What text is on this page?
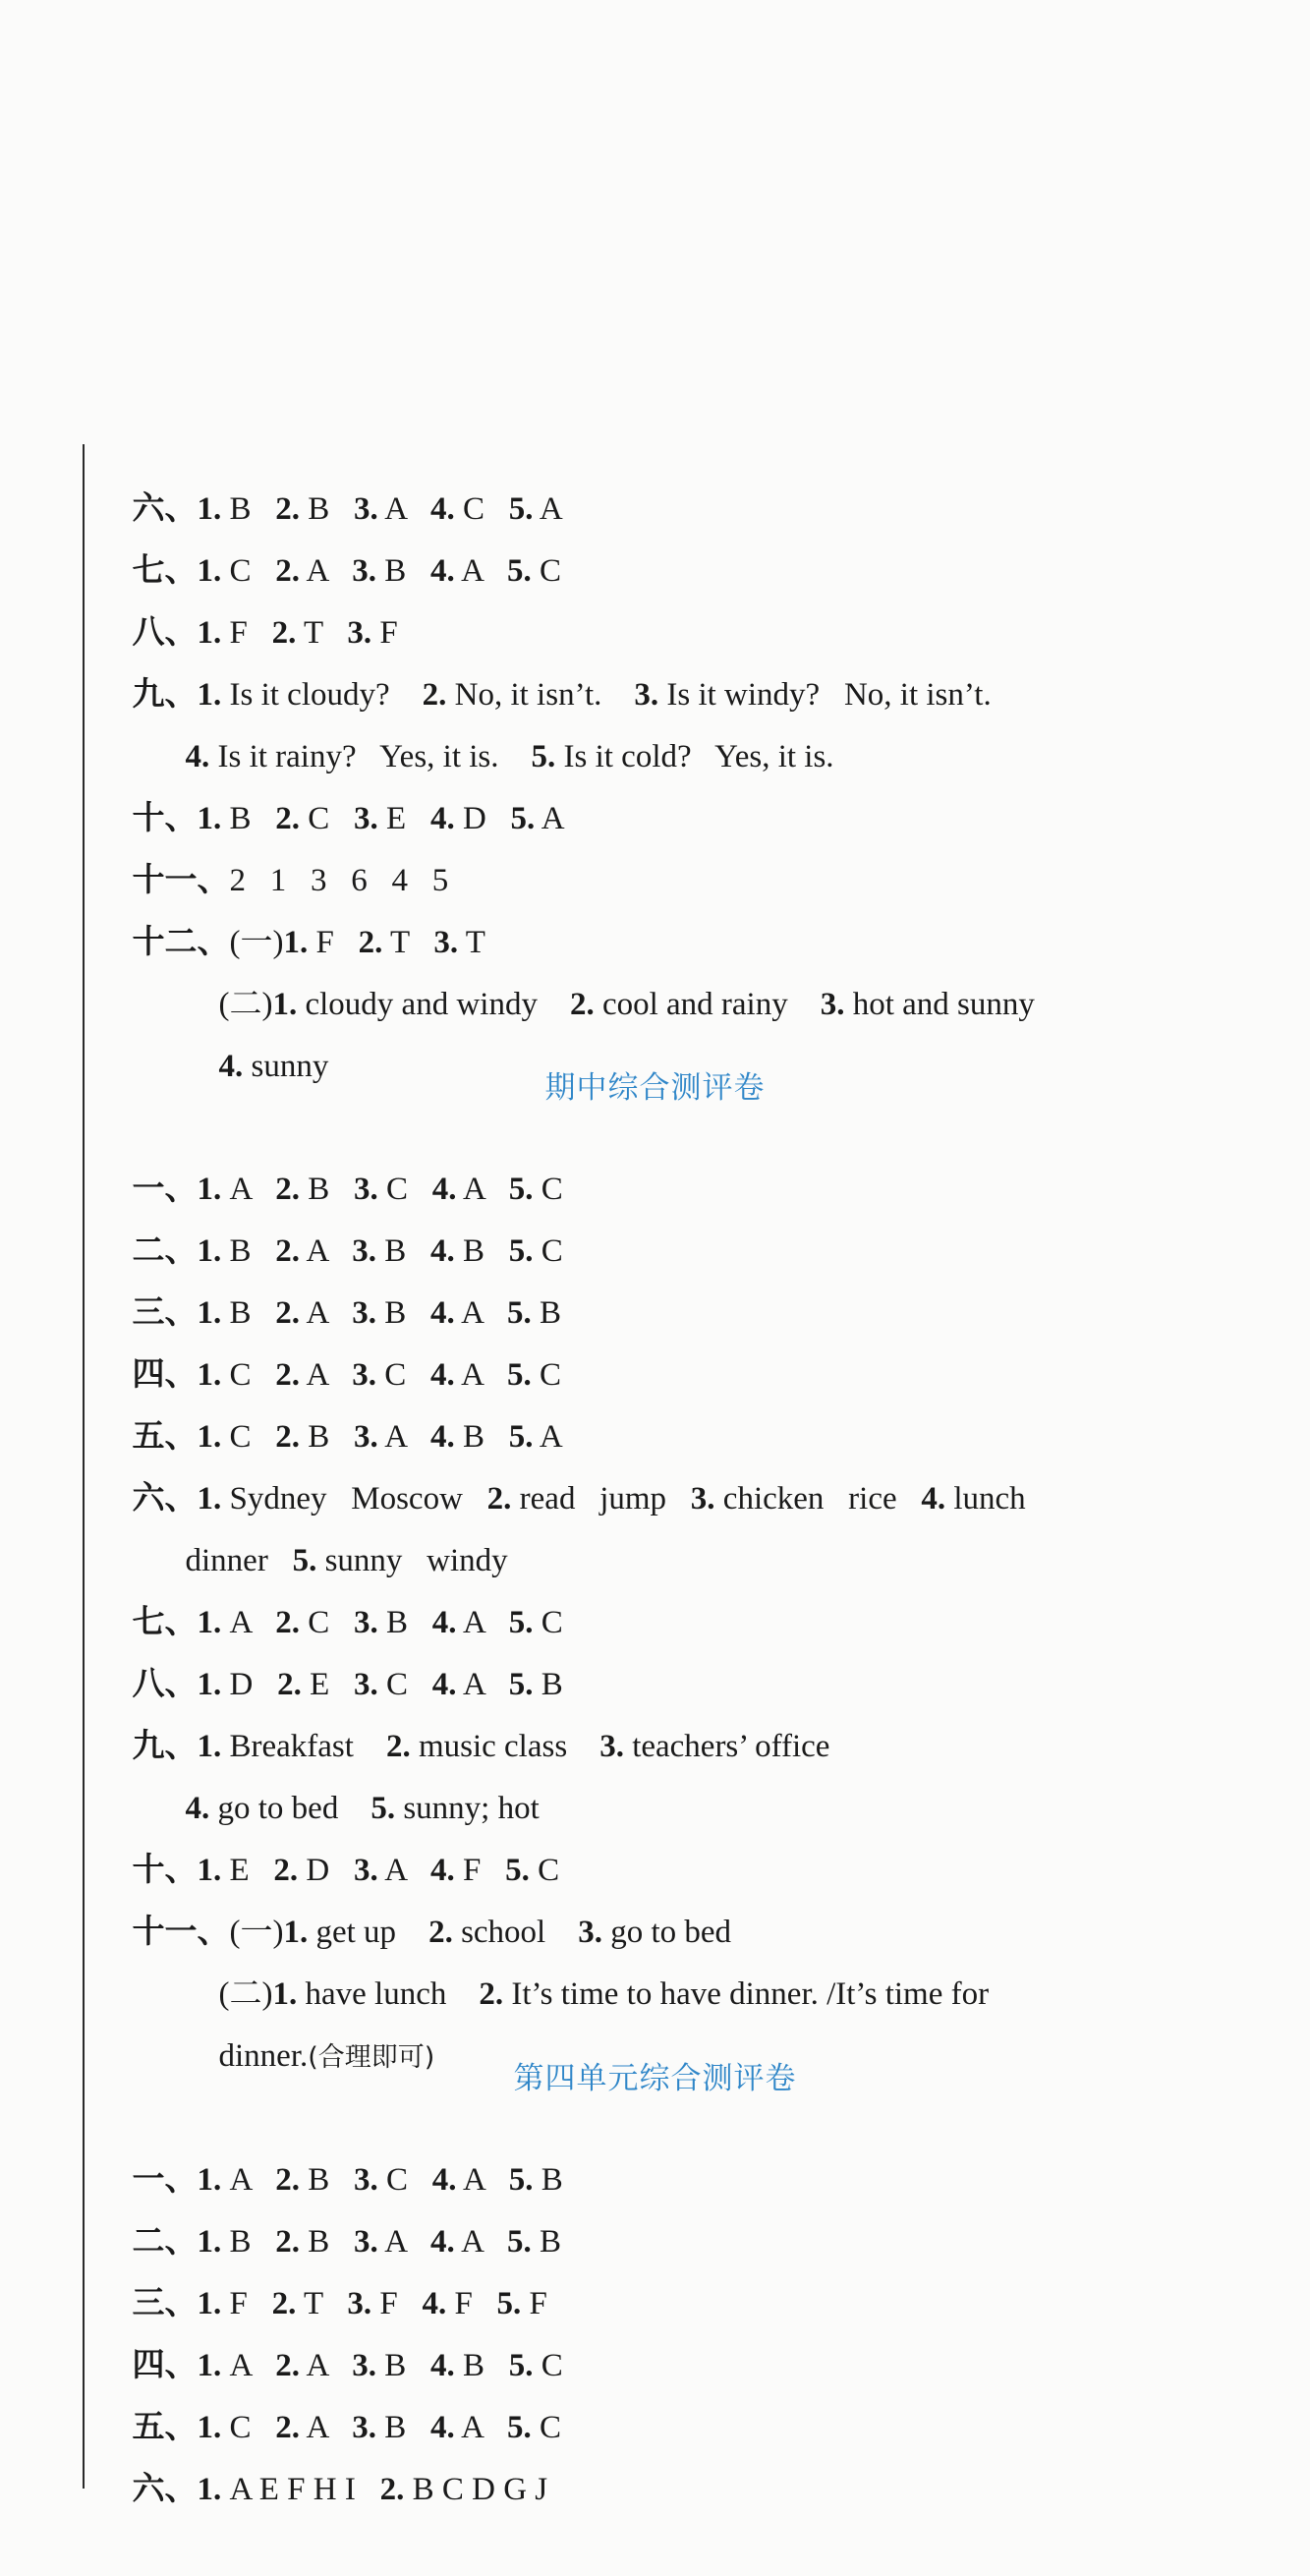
六、1. B 2. B 3. A 4. C 5. A

七、1. C 2. A 3. B 4. A 5. C

八、1. F 2. T 3. F

九、1. Is it cloudy? 2. No, it isn’t. 3. Is it windy?   No, it isn’t.

4. Is it rainy?   Yes, it is. 5. Is it cold?   Yes, it is.

十、1. B 2. C 3. E 4. D 5. A

十一、2   1   3   6   4   5

十二、(一)1. F 2. T 3. T

(二)1. cloudy and windy 2. cool and rainy 3. hot and sunny

4. sunny

期中综合测评卷

一、1. A 2. B 3. C 4. A 5. C

二、1. B 2. A 3. B 4. B 5. C

三、1. B 2. A 3. B 4. A 5. B

四、1. C 2. A 3. C 4. A 5. C

五、1. C 2. B 3. A 4. B 5. A

六、1. Sydney   Moscow 2. read   jump 3. chicken   rice 4. lunch

dinner 5. sunny   windy

七、1. A 2. C 3. B 4. A 5. C

八、1. D 2. E 3. C 4. A 5. B

九、1. Breakfast 2. music class 3. teachers’ office

4. go to bed 5. sunny; hot

十、1. E 2. D 3. A 4. F 5. C

十一、(一)1. get up 2. school 3. go to bed

(二)1. have lunch 2. It’s time to have dinner. /It’s time for

dinner.(合理即可)

第四单元综合测评卷

一、1. A 2. B 3. C 4. A 5. B

二、1. B 2. B 3. A 4. A 5. B

三、1. F 2. T 3. F 4. F 5. F

四、1. A 2. A 3. B 4. B 5. C

五、1. C 2. A 3. B 4. A 5. C

六、1. A E F H I 2. B C D G J
